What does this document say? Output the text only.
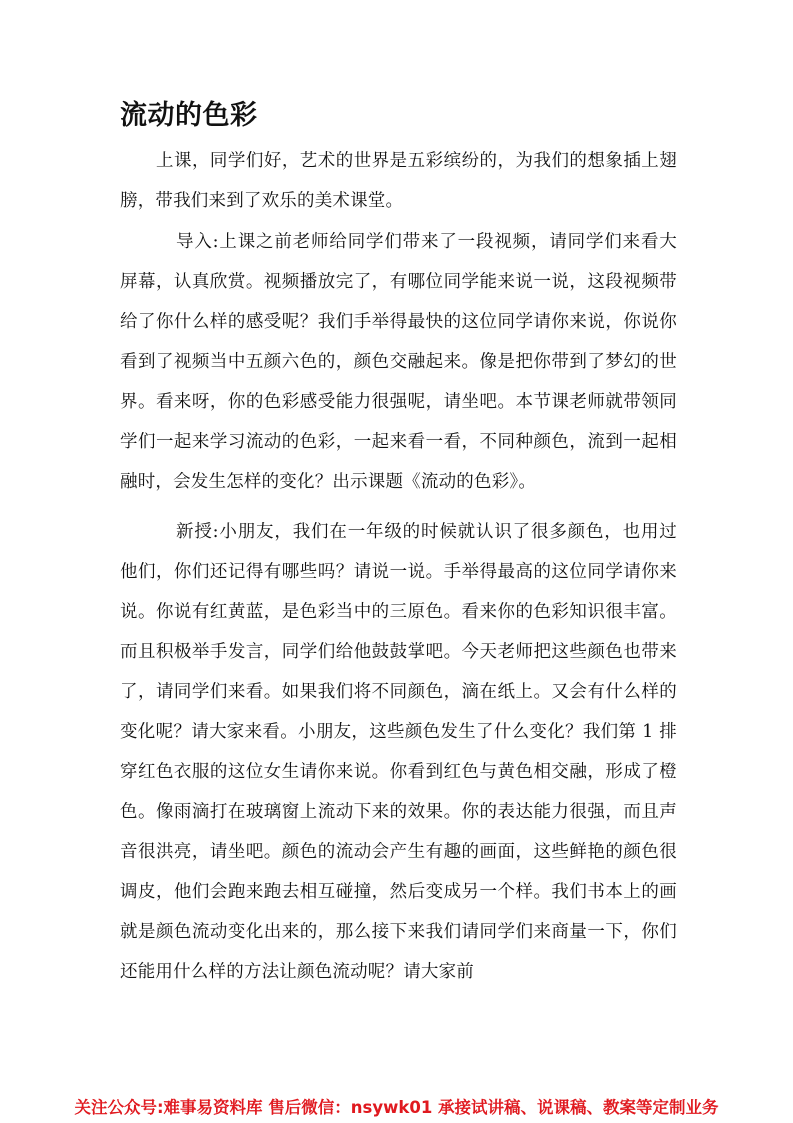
流动的色彩

上课，同学们好，艺术的世界是五彩缤纷的，为我们的想象插上翅膀，带我们来到了欢乐的美术课堂。

导入:上课之前老师给同学们带来了一段视频，请同学们来看大屏幕，认真欣赏。视频播放完了，有哪位同学能来说一说，这段视频带给了你什么样的感受呢？我们手举得最快的这位同学请你来说，你说你看到了视频当中五颜六色的，颜色交融起来。像是把你带到了梦幻的世界。看来呀，你的色彩感受能力很强呢，请坐吧。本节课老师就带领同学们一起来学习流动的色彩，一起来看一看，不同种颜色，流到一起相融时，会发生怎样的变化？出示课题《流动的色彩》。

新授:小朋友，我们在一年级的时候就认识了很多颜色，也用过他们，你们还记得有哪些吗？请说一说。手举得最高的这位同学请你来说。你说有红黄蓝，是色彩当中的三原色。看来你的色彩知识很丰富。而且积极举手发言，同学们给他鼓鼓掌吧。今天老师把这些颜色也带来了，请同学们来看。如果我们将不同颜色，滴在纸上。又会有什么样的变化呢？请大家来看。小朋友，这些颜色发生了什么变化？我们第 1 排穿红色衣服的这位女生请你来说。你看到红色与黄色相交融，形成了橙色。像雨滴打在玻璃窗上流动下来的效果。你的表达能力很强，而且声音很洪亮，请坐吧。颜色的流动会产生有趣的画面，这些鲜艳的颜色很调皮，他们会跑来跑去相互碰撞，然后变成另一个样。我们书本上的画就是颜色流动变化出来的，那么接下来我们请同学们来商量一下，你们还能用什么样的方法让颜色流动呢？请大家前

关注公众号:难事易资料库 售后微信：nsywk01 承接试讲稿、说课稿、教案等定制业务
